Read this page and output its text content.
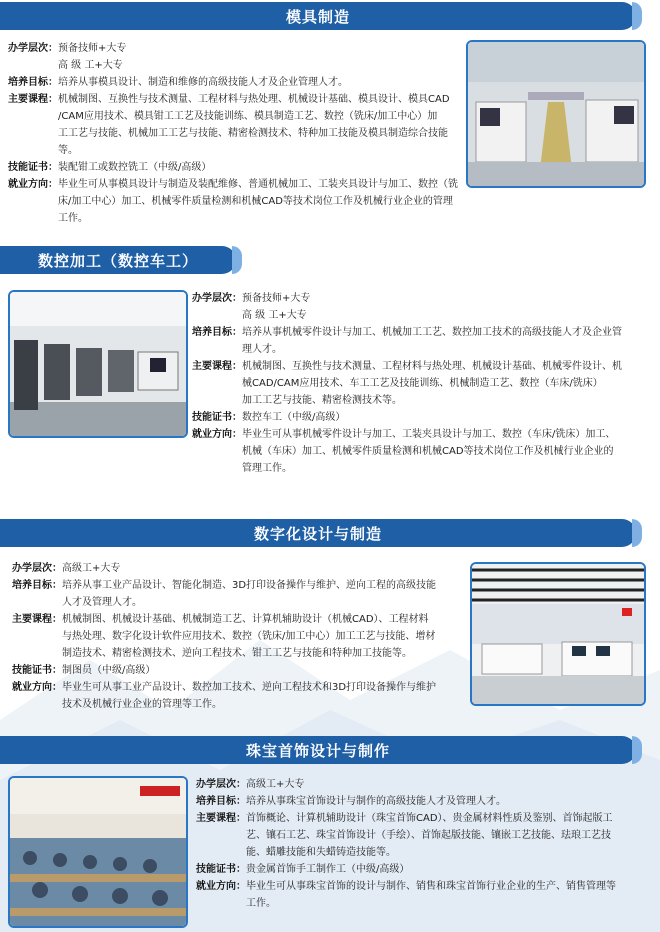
模具制造
办学层次： 预备技师+大专
高 级 工+大专
培养目标： 培养从事模具设计、制造和维修的高级技能人才及企业管理人才。
主要课程： 机械制图、互换性与技术测量、工程材料与热处理、机械设计基础、模具设计、模具CAD
/CAM应用技术、模具钳工工艺及技能训练、模具制造工艺、数控（铣床/加工中心）加
工工艺与技能、机械加工工艺与技能、精密检测技术、特种加工技能及模具制造综合技能等。
技能证书： 装配钳工或数控铣工（中级/高级）
就业方向： 毕业生可从事模具设计与制造及装配维修、普通机械加工、工装夹具设计与加工、数控（铣
床/加工中心）加工、机械零件质量检测和机械CAD等技术岗位工作及机械行业企业的管理
工作。
数控加工（数控车工）
办学层次： 预备技师+大专
高 级 工+大专
培养目标： 培养从事机械零件设计与加工、机械加工工艺、数控加工技术的高级技能人才及企业管
理人才。
主要课程： 机械制图、互换性与技术测量、工程材料与热处理、机械设计基础、机械零件设计、机
械CAD/CAM应用技术、车工工艺及技能训练、机械制造工艺、数控（车床/铣床）
加工工艺与技能、精密检测技术等。
技能证书： 数控车工（中级/高级）
就业方向： 毕业生可从事机械零件设计与加工、工装夹具设计与加工、数控（车床/铣床）加工、
机械（车床）加工、机械零件质量检测和机械CAD等技术岗位工作及机械行业企业的
管理工作。
数字化设计与制造
办学层次： 高级工+大专
培养目标： 培养从事工业产品设计、智能化制造、3D打印设备操作与维护、逆向工程的高级技能
人才及管理人才。
主要课程： 机械制图、机械设计基础、机械制造工艺、计算机辅助设计（机械CAD）、工程材料
与热处理、数字化设计软件应用技术、数控（铣床/加工中心）加工工艺与技能、增材
制造技术、精密检测技术、逆向工程技术、钳工工艺与技能和特种加工技能等。
技能证书： 制图员（中级/高级）
就业方向： 毕业生可从事工业产品设计、数控加工技术、逆向工程技术和3D打印设备操作与维护
技术及机械行业企业的管理等工作。
珠宝首饰设计与制作
办学层次： 高级工+大专
培养目标： 培养从事珠宝首饰设计与制作的高级技能人才及管理人才。
主要课程： 首饰概论、计算机辅助设计（珠宝首饰CAD）、贵金属材料性质及鉴别、首饰起版工
艺、镶石工艺、珠宝首饰设计（手绘）、首饰起版技能、镶嵌工艺技能、珐琅工艺技
能、蜡雕技能和失蜡铸造技能等。
技能证书： 贵金属首饰手工制作工（中级/高级）
就业方向： 毕业生可从事珠宝首饰的设计与制作、销售和珠宝首饰行业企业的生产、销售管理等
工作。
